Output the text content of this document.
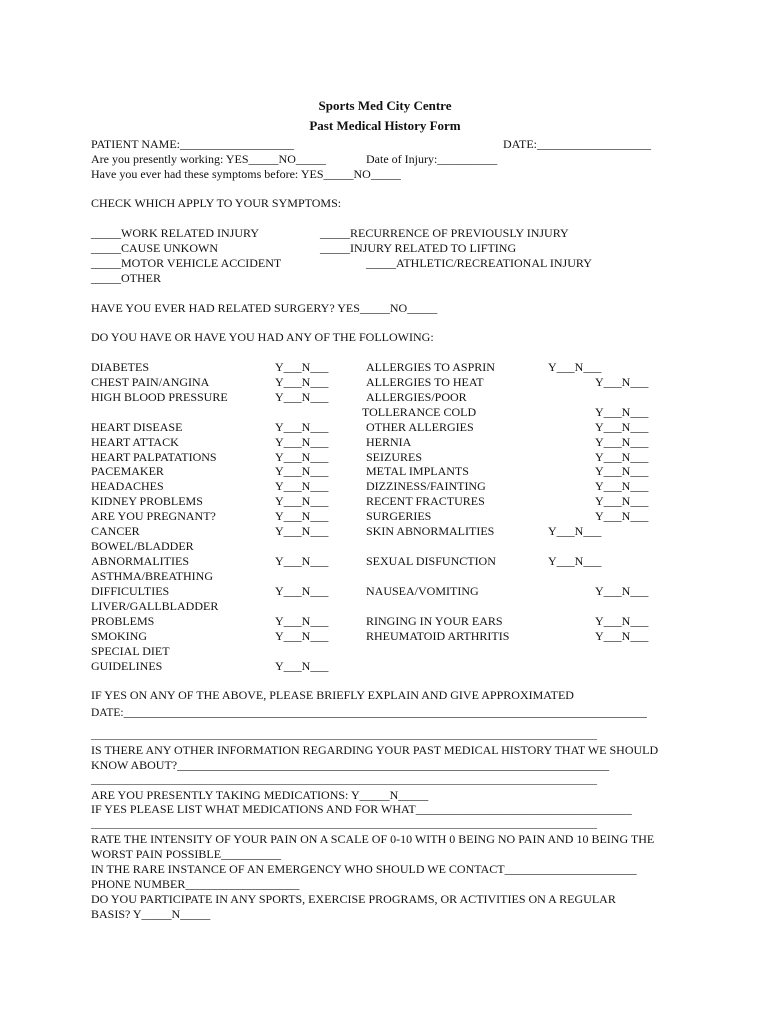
Sports Med City Centre
Past Medical History Form
PATIENT NAME:___________________	DATE:___________________
Are you presently working: YES_____NO_____	Date of Injury:__________
Have you ever had these symptoms before: YES_____NO_____
CHECK WHICH APPLY TO YOUR SYMPTOMS:
_____WORK RELATED INJURY
_____CAUSE UNKOWN
_____MOTOR VEHICLE ACCIDENT
_____OTHER
_____RECURRENCE OF PREVIOUSLY INJURY
_____INJURY RELATED TO LIFTING
_____ATHLETIC/RECREATIONAL INJURY
HAVE YOU EVER HAD RELATED SURGERY? YES_____NO_____
DO YOU HAVE OR HAVE YOU HAD ANY OF THE FOLLOWING:
DIABETES
CHEST PAIN/ANGINA
HIGH BLOOD PRESSURE
HEART DISEASE
HEART ATTACK
HEART PALPATATIONS
PACEMAKER
HEADACHES
KIDNEY PROBLEMS
ARE YOU PREGNANT?
CANCER
BOWEL/BLADDER
ABNORMALITIES
ASTHMA/BREATHING
DIFFICULTIES
LIVER/GALLBLADDER
PROBLEMS
SMOKING
SPECIAL DIET
GUIDELINES
Y___N___
Y___N___
Y___N___
Y___N___
Y___N___
Y___N___
Y___N___
Y___N___
Y___N___
Y___N___
Y___N___
Y___N___
Y___N___
Y___N___
Y___N___
Y___N___
ALLERGIES TO ASPRIN
ALLERGIES TO HEAT
ALLERGIES/POOR
TOLLERANCE COLD
OTHER ALLERGIES
HERNIA
SEIZURES
METAL IMPLANTS
DIZZINESS/FAINTING
RECENT FRACTURES
SURGERIES
SKIN ABNORMALITIES
SEXUAL DISFUNCTION
NAUSEA/VOMITING
RINGING IN YOUR EARS
RHEUMATOID ARTHRITIS
Y___N___
Y___N___
Y___N___
Y___N___
Y___N___
Y___N___
Y___N___
Y___N___
Y___N___
Y___N___
Y___N___
Y___N___
Y___N___
Y___N___
Y___N___
IF YES ON ANY OF THE ABOVE, PLEASE BRIEFLY EXPLAIN AND GIVE APPROXIMATED
DATE:___________________________________________________________________________________________
____________________________________________________________________________________________
IS THERE ANY OTHER INFORMATION REGARDING YOUR PAST MEDICAL HISTORY THAT WE SHOULD
KNOW ABOUT?________________________________________________________________________
____________________________________________________________________________________________
ARE YOU PRESENTLY TAKING MEDICATIONS: Y_____N_____
IF YES PLEASE LIST WHAT MEDICATIONS AND FOR WHAT____________________________________
____________________________________________________________________________________________
RATE THE INTENSITY OF YOUR PAIN ON A SCALE OF 0-10 WITH 0 BEING NO PAIN AND 10 BEING THE
WORST PAIN POSSIBLE__________
IN THE RARE INSTANCE OF AN EMERGENCY WHO SHOULD WE CONTACT______________________
PHONE NUMBER___________________
DO YOU PARTICIPATE IN ANY SPORTS, EXERCISE PROGRAMS, OR ACTIVITIES ON A REGULAR
BASIS? Y_____N_____
